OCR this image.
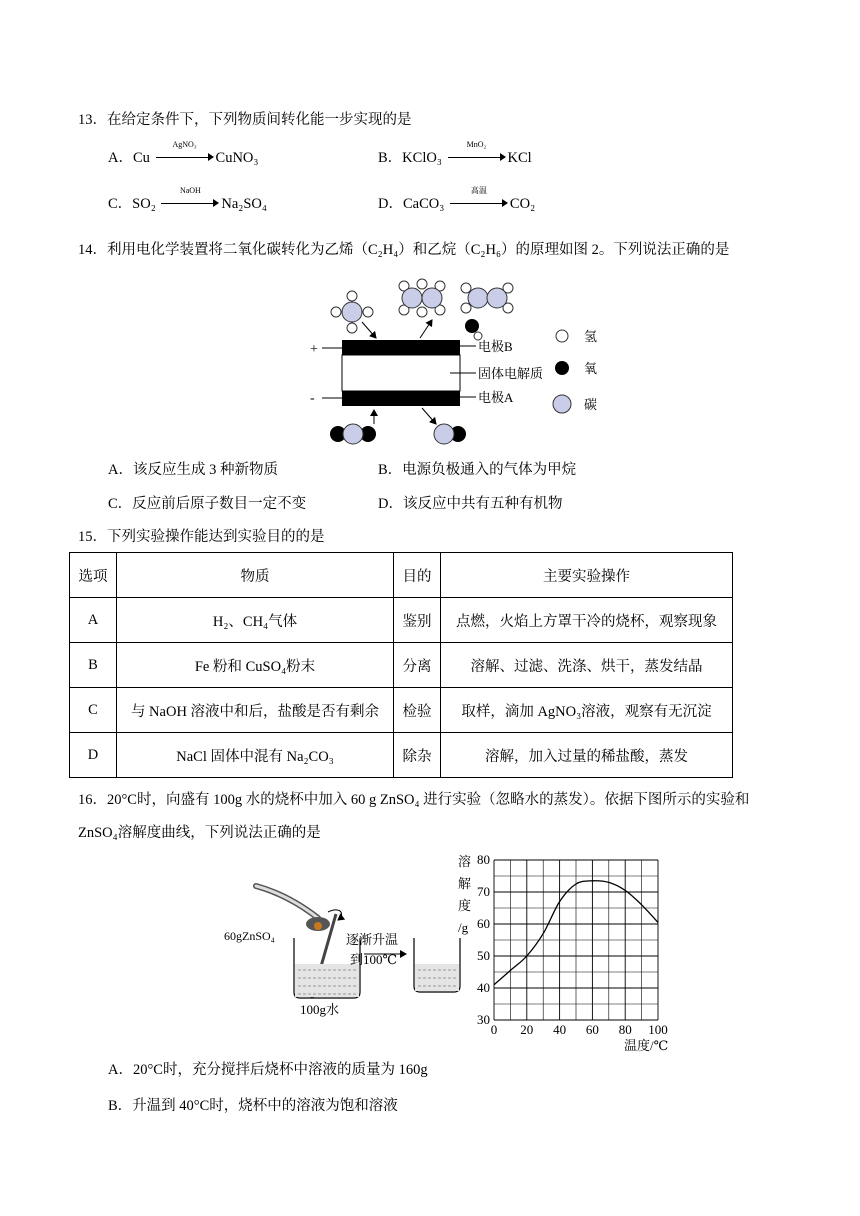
13．在给定条件下，下列物质间转化能一步实现的是
A．Cu
AgNO₃
CuNO₃	B．KClO₃
MnO₂
KCl
C．SO₂
NaOH
Na₂SO₄	D．CaCO₃
高温
CO₂
14．利用电化学装置将二氧化碳转化为乙烯（C₂H₄）和乙烷（C₂H₆）的原理如图 2。下列说法正确的是
+
-
电极B
固体电解质
电极A
氢
氧
碳
A．该反应生成 3 种新物质	B．电源负极通入的气体为甲烷
C．反应前后原子数目一定不变	D．该反应中共有五种有机物
15．下列实验操作能达到实验目的的是
选项	物质	目的	主要实验操作
A	H₂、CH₄气体	鉴别	点燃，火焰上方罩干冷的烧杯，观察现象
B	Fe 粉和 CuSO₄粉末	分离	溶解、过滤、洗涤、烘干，蒸发结晶
C	与 NaOH 溶液中和后，盐酸是否有剩余	检验	取样，滴加 AgNO₃溶液，观察有无沉淀
D	NaCl 固体中混有 Na₂CO₃	除杂	溶解，加入过量的稀盐酸，蒸发
16．20°C时，向盛有 100g 水的烧杯中加入 60 g ZnSO₄ 进行实验（忽略水的蒸发）。依据下图所示的实验和
ZnSO₄溶解度曲线，下列说法正确的是
60gZnSO₄	逐渐升温
到100℃
100g水
溶
解
度
/g
0 20 40 60 80 100
30
40
50
60
70
80
温度/℃
A．20°C时，充分搅拌后烧杯中溶液的质量为 160g
B．升温到 40°C时，烧杯中的溶液为饱和溶液
